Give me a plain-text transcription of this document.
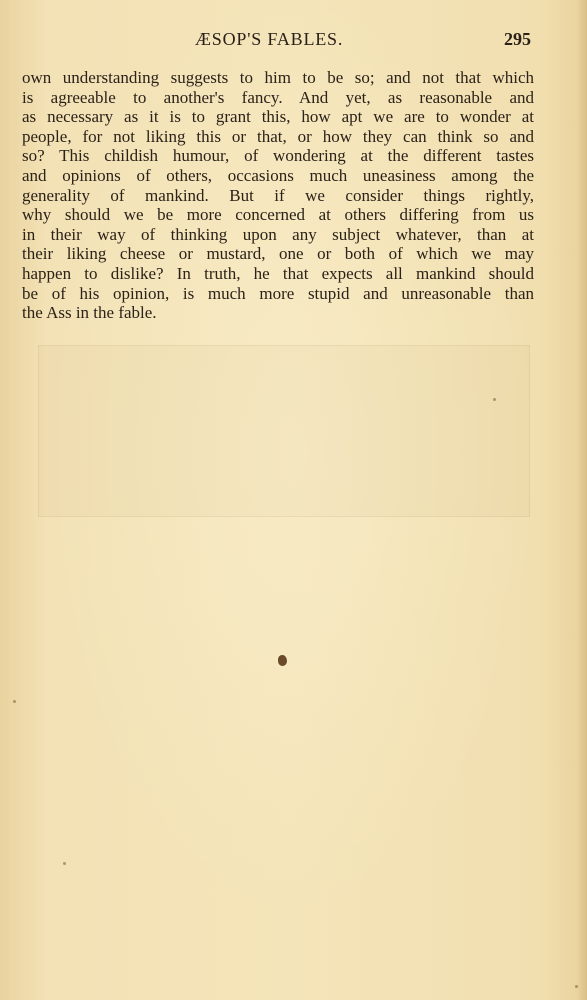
ÆSOP'S FABLES.	295
own understanding suggests to him to be so; and not that which
is agreeable to another's fancy. And yet, as reasonable and
as necessary as it is to grant this, how apt we are to wonder at
people, for not liking this or that, or how they can think so and
so? This childish humour, of wondering at the different tastes
and opinions of others, occasions much uneasiness among the
generality of mankind. But if we consider things rightly,
why should we be more concerned at others differing from us
in their way of thinking upon any subject whatever, than at
their liking cheese or mustard, one or both of which we may
happen to dislike? In truth, he that expects all mankind should
be of his opinion, is much more stupid and unreasonable than
the Ass in the fable.
